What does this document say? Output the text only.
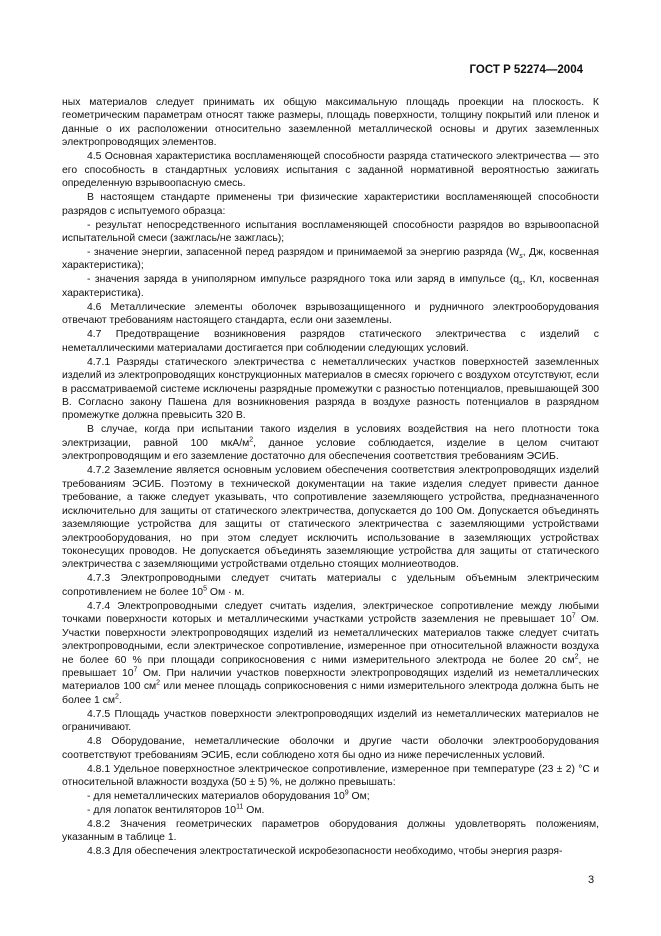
ГОСТ Р 52274—2004

ных материалов следует принимать их общую максимальную площадь проекции на плоскость. К геометрическим параметрам относят также размеры, площадь поверхности, толщину покрытий или пленок и данные о их расположении относительно заземленной металлической основы и других заземленных электропроводящих элементов.

4.5 Основная характеристика воспламеняющей способности разряда статического электричества — это его способность в стандартных условиях испытания с заданной нормативной вероятностью зажигать определенную взрывоопасную смесь.

В настоящем стандарте применены три физические характеристики воспламеняющей способности разрядов с испытуемого образца:

- результат непосредственного испытания воспламеняющей способности разрядов во взрывоопасной испытательной смеси (зажглась/не зажглась);

- значение энергии, запасенной перед разрядом и принимаемой за энергию разряда ($W_s$, Дж, косвенная характеристика);

- значения заряда в униполярном импульсе разрядного тока или заряд в импульсе ($q_s$, Кл, косвенная характеристика).

4.6 Металлические элементы оболочек взрывозащищенного и рудничного электрооборудования отвечают требованиям настоящего стандарта, если они заземлены.

4.7 Предотвращение возникновения разрядов статического электричества с изделий с неметаллическими материалами достигается при соблюдении следующих условий.

4.7.1 Разряды статического электричества с неметаллических участков поверхностей заземленных изделий из электропроводящих конструкционных материалов в смесях горючего с воздухом отсутствуют, если в рассматриваемой системе исключены разрядные промежутки с разностью потенциалов, превышающей 300 В. Согласно закону Пашена для возникновения разряда в воздухе разность потенциалов в разрядном промежутке должна превысить 320 В.

В случае, когда при испытании такого изделия в условиях воздействия на него плотности тока электризации, равной 100 мкА/$м^2$, данное условие соблюдается, изделие в целом считают электропроводящим и его заземление достаточно для обеспечения соответствия требованиям ЭСИБ.

4.7.2 Заземление является основным условием обеспечения соответствия электропроводящих изделий требованиям ЭСИБ. Поэтому в технической документации на такие изделия следует привести данное требование, а также следует указывать, что сопротивление заземляющего устройства, предназначенного исключительно для защиты от статического электричества, допускается до 100 Ом. Допускается объединять заземляющие устройства для защиты от статического электричества с заземляющими устройствами электрооборудования, но при этом следует исключить использование в заземляющих устройствах токонесущих проводов. Не допускается объединять заземляющие устройства для защиты от статического электричества с заземляющими устройствами отдельно стоящих молниеотводов.

4.7.3 Электропроводными следует считать материалы с удельным объемным электрическим сопротивлением не более $10^5$ Ом · м.

4.7.4 Электропроводными следует считать изделия, электрическое сопротивление между любыми точками поверхности которых и металлическими участками устройств заземления не превышает $10^7$ Ом. Участки поверхности электропроводящих изделий из неметаллических материалов также следует считать электропроводными, если электрическое сопротивление, измеренное при относительной влажности воздуха не более 60 % при площади соприкосновения с ними измерительного электрода не более 20 $см^2$, не превышает $10^7$ Ом. При наличии участков поверхности электропроводящих изделий из неметаллических материалов 100 $см^2$ или менее площадь соприкосновения с ними измерительного электрода должна быть не более 1 $см^2$.

4.7.5 Площадь участков поверхности электропроводящих изделий из неметаллических материалов не ограничивают.

4.8 Оборудование, неметаллические оболочки и другие части оболочки электрооборудования соответствуют требованиям ЭСИБ, если соблюдено хотя бы одно из ниже перечисленных условий.

4.8.1 Удельное поверхностное электрическое сопротивление, измеренное при температуре (23 ± 2) °С и относительной влажности воздуха (50 ± 5) %, не должно превышать:

- для неметаллических материалов оборудования $10^9$ Ом;

- для лопаток вентиляторов $10^{11}$ Ом.

4.8.2 Значения геометрических параметров оборудования должны удовлетворять положениям, указанным в таблице 1.

4.8.3 Для обеспечения электростатической искробезопасности необходимо, чтобы энергия разря-

3
